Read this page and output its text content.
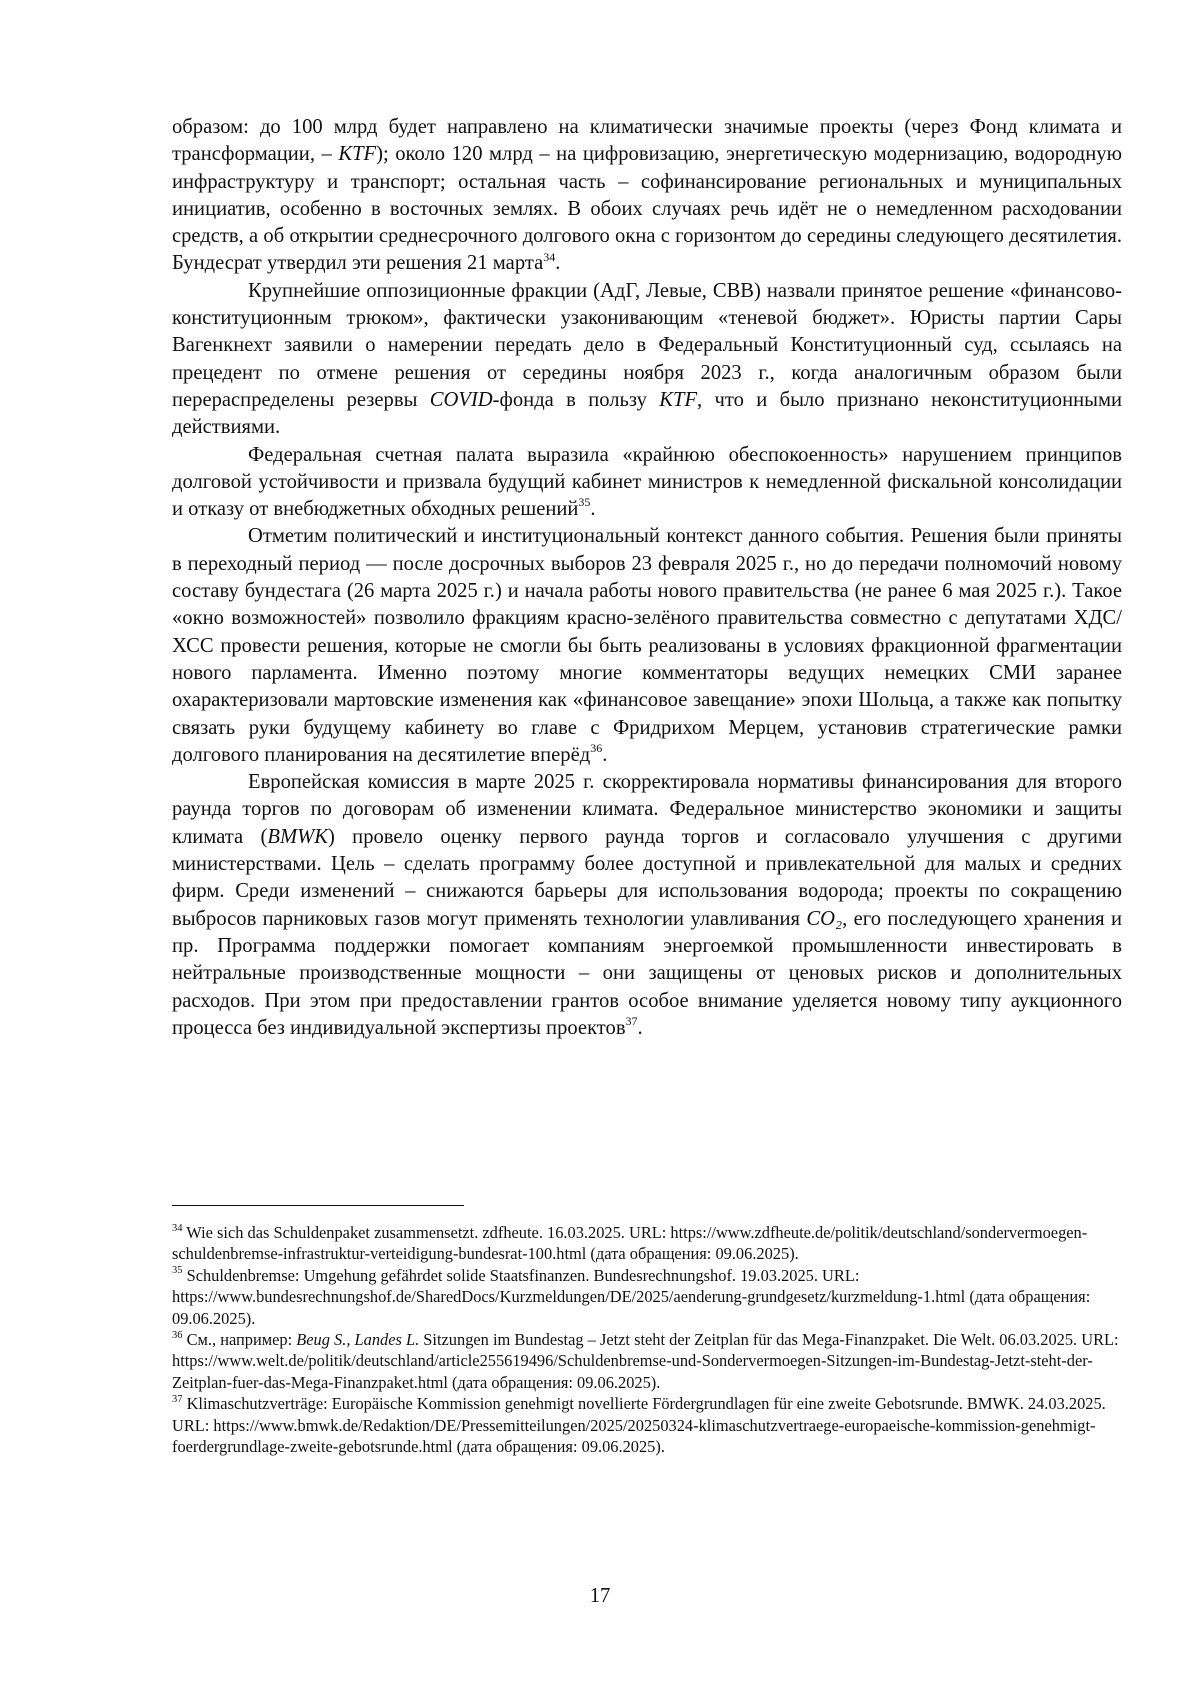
образом: до 100 млрд будет направлено на климатически значимые проекты (через Фонд климата и трансформации, – KTF); около 120 млрд – на цифровизацию, энергетическую модернизацию, водородную инфраструктуру и транспорт; остальная часть – софинансирование региональных и муниципальных инициатив, особенно в восточных землях. В обоих случаях речь идёт не о немедленном расходовании средств, а об открытии среднесрочного долгового окна с горизонтом до середины следующего десятилетия. Бундесрат утвердил эти решения 21 марта$^{34}$.

Крупнейшие оппозиционные фракции (АдГ, Левые, СВВ) назвали принятое решение «финансово-конституционным трюком», фактически узаконивающим «теневой бюджет». Юристы партии Сары Вагенкнехт заявили о намерении передать дело в Федеральный Конституционный суд, ссылаясь на прецедент по отмене решения от середины ноября 2023 г., когда аналогичным образом были перераспределены резервы COVID-фонда в пользу KTF, что и было признано неконституционными действиями.

Федеральная счетная палата выразила «крайнюю обеспокоенность» нарушением принципов долговой устойчивости и призвала будущий кабинет министров к немедленной фискальной консолидации и отказу от внебюджетных обходных решений$^{35}$.

Отметим политический и институциональный контекст данного события. Решения были приняты в переходный период — после досрочных выборов 23 февраля 2025 г., но до передачи полномочий новому составу бундестага (26 марта 2025 г.) и начала работы нового правительства (не ранее 6 мая 2025 г.). Такое «окно возможностей» позволило фракциям красно-зелёного правительства совместно с депутатами ХДС/ХСС провести решения, которые не смогли бы быть реализованы в условиях фракционной фрагментации нового парламента. Именно поэтому многие комментаторы ведущих немецких СМИ заранее охарактеризовали мартовские изменения как «финансовое завещание» эпохи Шольца, а также как попытку связать руки будущему кабинету во главе с Фридрихом Мерцем, установив стратегические рамки долгового планирования на десятилетие вперёд$^{36}$.

Европейская комиссия в марте 2025 г. скорректировала нормативы финансирования для второго раунда торгов по договорам об изменении климата. Федеральное министерство экономики и защиты климата (BMWK) провело оценку первого раунда торгов и согласовало улучшения с другими министерствами. Цель – сделать программу более доступной и привлекательной для малых и средних фирм. Среди изменений – снижаются барьеры для использования водорода; проекты по сокращению выбросов парниковых газов могут применять технологии улавливания CO₂, его последующего хранения и пр. Программа поддержки помогает компаниям энергоемкой промышленности инвестировать в нейтральные производственные мощности – они защищены от ценовых рисков и дополнительных расходов. При этом при предоставлении грантов особое внимание уделяется новому типу аукционного процесса без индивидуальной экспертизы проектов$^{37}$.

$^{34}$ Wie sich das Schuldenpaket zusammensetzt. zdfheute. 16.03.2025. URL: https://www.zdfheute.de/politik/deutschland/sondervermoegen-schuldenbremse-infrastruktur-verteidigung-bundesrat-100.html (дата обращения: 09.06.2025).

$^{35}$ Schuldenbremse: Umgehung gefährdet solide Staatsfinanzen. Bundesrechnungshof. 19.03.2025. URL: https://www.bundesrechnungshof.de/SharedDocs/Kurzmeldungen/DE/2025/aenderung-grundgesetz/kurzmeldung-1.html (дата обращения: 09.06.2025).

$^{36}$ См., например: Beug S., Landes L. Sitzungen im Bundestag – Jetzt steht der Zeitplan für das Mega-Finanzpaket. Die Welt. 06.03.2025. URL: https://www.welt.de/politik/deutschland/article255619496/Schuldenbremse-und-Sondervermoegen-Sitzungen-im-Bundestag-Jetzt-steht-der-Zeitplan-fuer-das-Mega-Finanzpaket.html (дата обращения: 09.06.2025).

$^{37}$ Klimaschutzverträge: Europäische Kommission genehmigt novellierte Fördergrundlagen für eine zweite Gebotsrunde. BMWK. 24.03.2025. URL: https://www.bmwk.de/Redaktion/DE/Pressemitteilungen/2025/20250324-klimaschutzvertraege-europaeische-kommission-genehmigt-foerdergrundlage-zweite-gebotsrunde.html (дата обращения: 09.06.2025).

17
